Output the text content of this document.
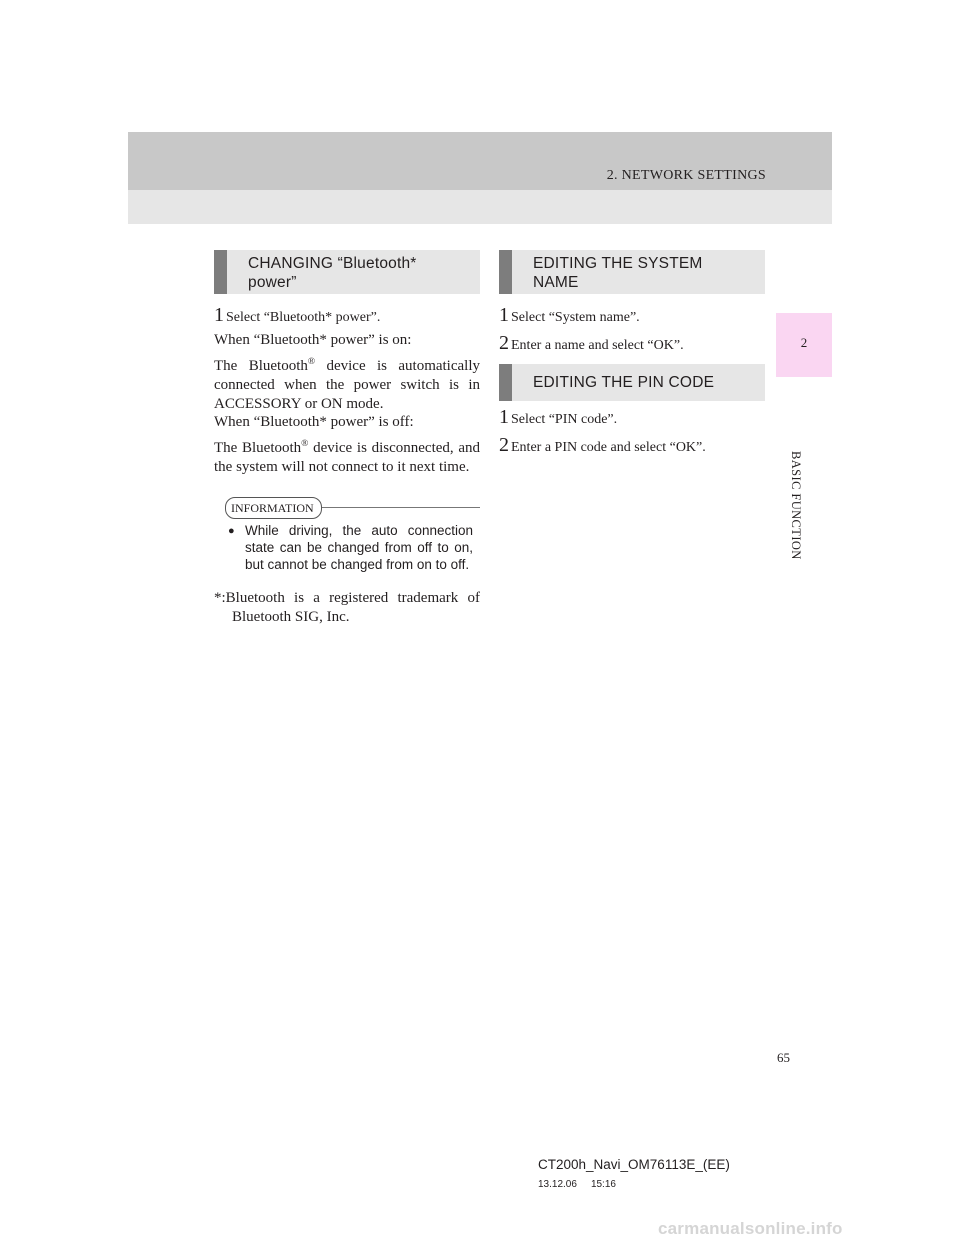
2. NETWORK SETTINGS
2
BASIC FUNCTION
CHANGING “Bluetooth*
power”
1 Select “Bluetooth* power”.
When “Bluetooth* power” is on:
The Bluetooth® device is automatically connected when the power switch is in ACCESSORY or ON mode.
When “Bluetooth* power” is off:
The Bluetooth® device is disconnected, and the system will not connect to it next time.
INFORMATION
● While driving, the auto connection state can be changed from off to on, but cannot be changed from on to off.
*:Bluetooth is a registered trademark of Bluetooth SIG, Inc.
EDITING THE SYSTEM
NAME
1 Select “System name”.
2 Enter a name and select “OK”.
EDITING THE PIN CODE
1 Select “PIN code”.
2 Enter a PIN code and select “OK”.
65
CT200h_Navi_OM76113E_(EE)
13.12.06 15:16
carmanualsonline.info
